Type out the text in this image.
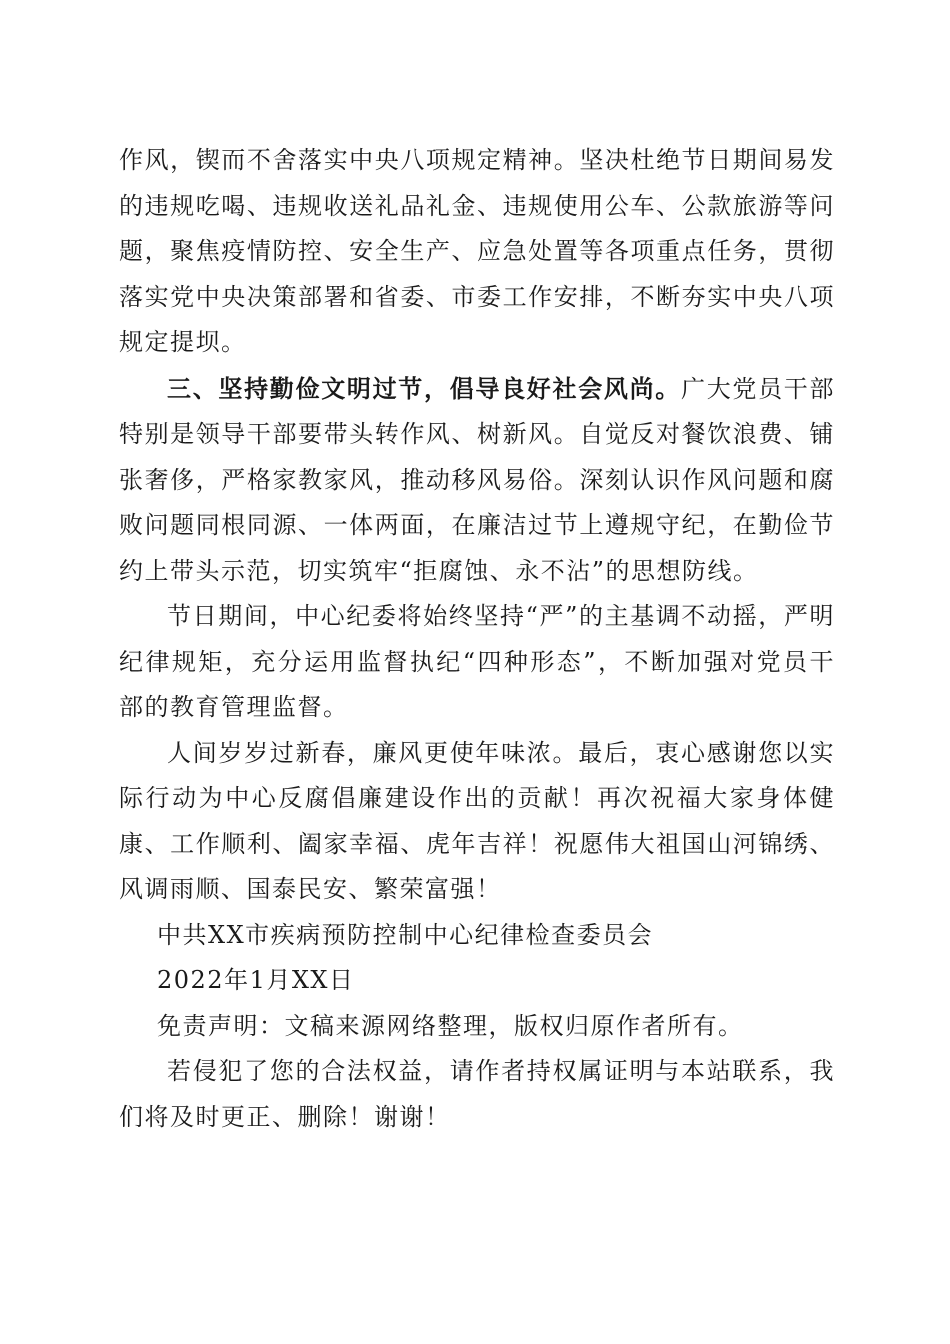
作风，锲而不舍落实中央八项规定精神。坚决杜绝节日期间易发的违规吃喝、违规收送礼品礼金、违规使用公车、公款旅游等问题，聚焦疫情防控、安全生产、应急处置等各项重点任务，贯彻落实党中央决策部署和省委、市委工作安排，不断夯实中央八项规定提坝。

三、坚持勤俭文明过节，倡导良好社会风尚。广大党员干部特别是领导干部要带头转作风、树新风。自觉反对餐饮浪费、铺张奢侈，严格家教家风，推动移风易俗。深刻认识作风问题和腐败问题同根同源、一体两面，在廉洁过节上遵规守纪，在勤俭节约上带头示范，切实筑牢“拒腐蚀、永不沾”的思想防线。

节日期间，中心纪委将始终坚持“严”的主基调不动摇，严明纪律规矩，充分运用监督执纪“四种形态”，不断加强对党员干部的教育管理监督。

人间岁岁过新春，廉风更使年味浓。最后，衷心感谢您以实际行动为中心反腐倡廉建设作出的贡献！再次祝福大家身体健康、工作顺利、阖家幸福、虎年吉祥！祝愿伟大祖国山河锦绣、风调雨顺、国泰民安、繁荣富强！

中共XX市疾病预防控制中心纪律检查委员会

2022年1月XX日

免责声明：文稿来源网络整理，版权归原作者所有。

若侵犯了您的合法权益，请作者持权属证明与本站联系，我们将及时更正、删除！谢谢！
